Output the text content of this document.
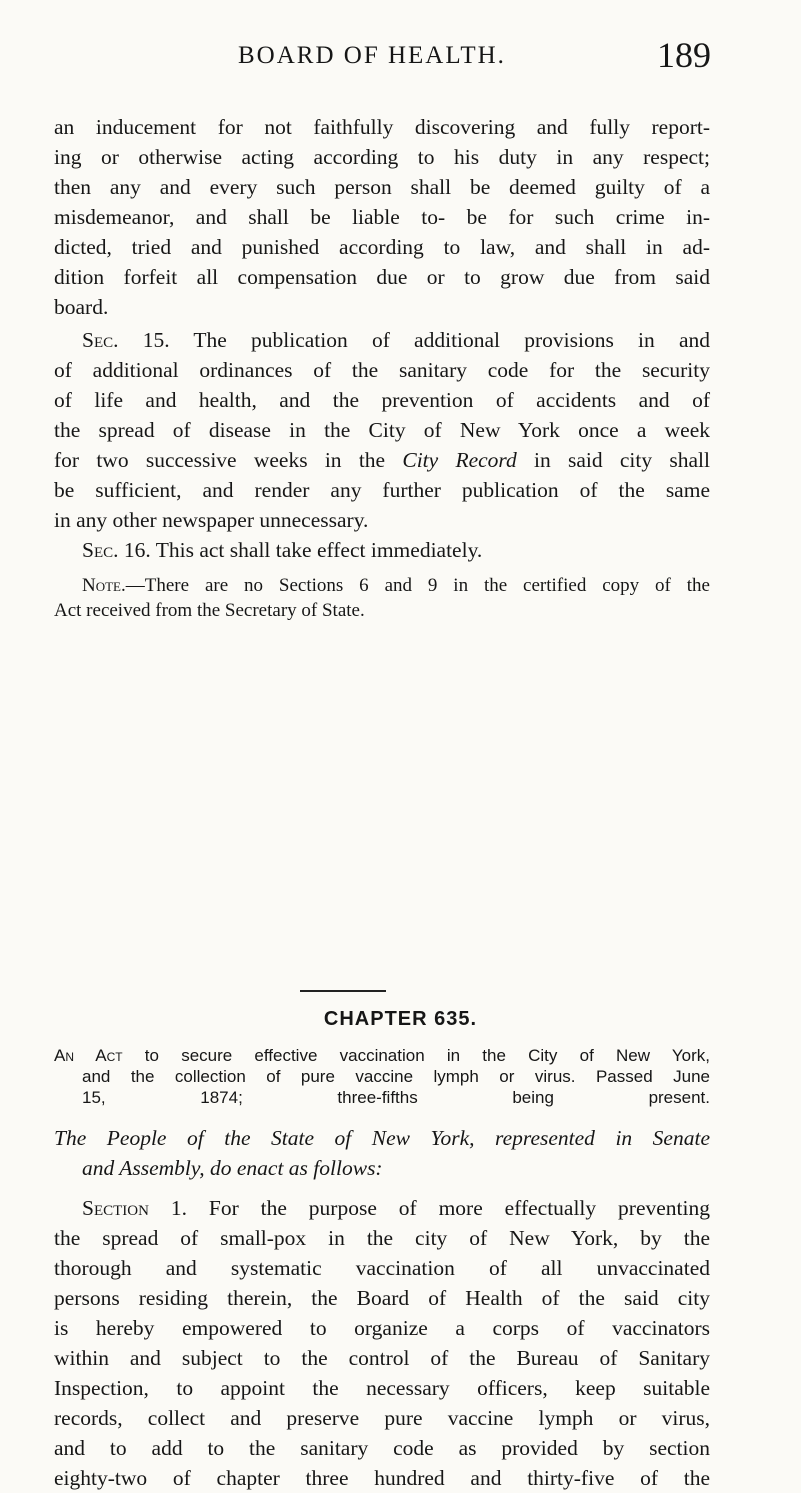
BOARD OF HEALTH.	189
an inducement for not faithfully discovering and fully report-
ing or otherwise acting according to his duty in any respect;
then any and every such person shall be deemed guilty of a
misdemeanor, and shall be liable to- be for such crime in-
dicted, tried and punished according to law, and shall in ad-
dition forfeit all compensation due or to grow due from said
board.
Sec. 15. The publication of additional provisions in and
of additional ordinances of the sanitary code for the security
of life and health, and the prevention of accidents and of
the spread of disease in the City of New York once a week
for two successive weeks in the City Record in said city shall
be sufficient, and render any further publication of the same
in any other newspaper unnecessary.
Sec. 16. This act shall take effect immediately.
Note.—There are no Sections 6 and 9 in the certified copy of the
Act received from the Secretary of State.
CHAPTER 635.
An Act to secure effective vaccination in the City of New York,
and the collection of pure vaccine lymph or virus. Passed June
15, 1874; three-fifths being present.
The People of the State of New York, represented in Senate
and Assembly, do enact as follows:
Section 1. For the purpose of more effectually preventing
the spread of small-pox in the city of New York, by the
thorough and systematic vaccination of all unvaccinated
persons residing therein, the Board of Health of the said city
is hereby empowered to organize a corps of vaccinators
within and subject to the control of the Bureau of Sanitary
Inspection, to appoint the necessary officers, keep suitable
records, collect and preserve pure vaccine lymph or virus,
and to add to the sanitary code as provided by section
eighty-two of chapter three hundred and thirty-five of the
